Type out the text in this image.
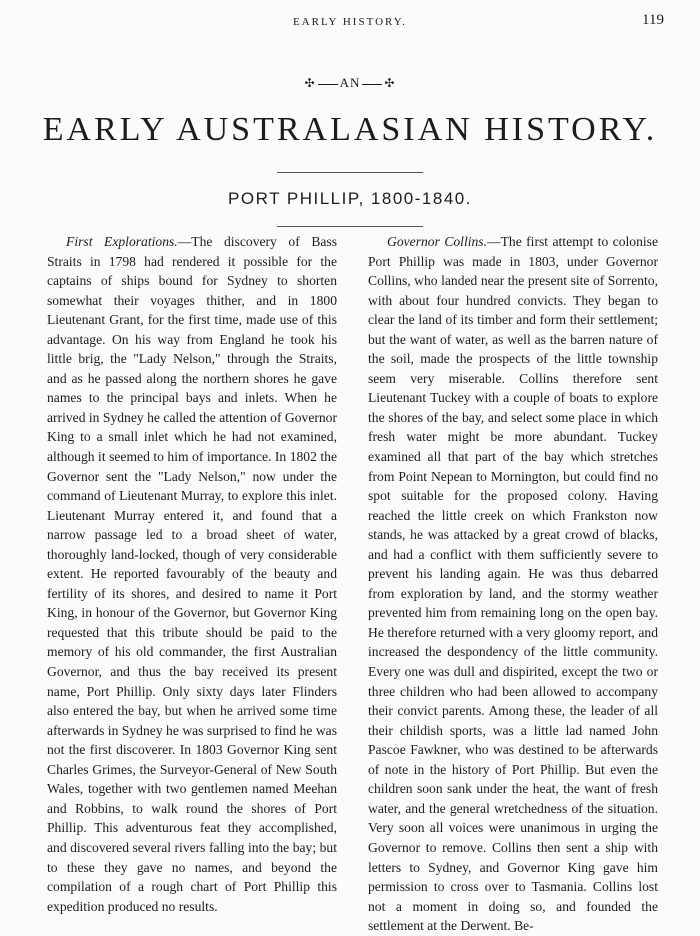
EARLY HISTORY.	119
✣ AN ✣
EARLY AUSTRALASIAN HISTORY.
PORT PHILLIP, 1800-1840.

First Explorations.—The discovery of Bass Straits in 1798 had rendered it possible for the captains of ships bound for Sydney to shorten somewhat their voyages thither, and in 1800 Lieutenant Grant, for the first time, made use of this advantage. On his way from England he took his little brig, the "Lady Nelson," through the Straits, and as he passed along the northern shores he gave names to the principal bays and inlets. When he arrived in Sydney he called the attention of Governor King to a small inlet which he had not examined, although it seemed to him of importance. In 1802 the Governor sent the "Lady Nelson," now under the command of Lieutenant Murray, to explore this inlet. Lieutenant Murray entered it, and found that a narrow passage led to a broad sheet of water, thoroughly land-locked, though of very considerable extent. He reported favourably of the beauty and fertility of its shores, and desired to name it Port King, in honour of the Governor, but Governor King requested that this tribute should be paid to the memory of his old commander, the first Australian Governor, and thus the bay received its present name, Port Phillip. Only sixty days later Flinders also entered the bay, but when he arrived some time afterwards in Sydney he was surprised to find he was not the first discoverer. In 1803 Governor King sent Charles Grimes, the Surveyor-General of New South Wales, together with two gentlemen named Meehan and Robbins, to walk round the shores of Port Phillip. This adventurous feat they accomplished, and discovered several rivers falling into the bay; but to these they gave no names, and beyond the compilation of a rough chart of Port Phillip this expedition produced no results.

Governor Collins.—The first attempt to colonise Port Phillip was made in 1803, under Governor Collins, who landed near the present site of Sorrento, with about four hundred convicts. They began to clear the land of its timber and form their settlement; but the want of water, as well as the barren nature of the soil, made the prospects of the little township seem very miserable. Collins therefore sent Lieutenant Tuckey with a couple of boats to explore the shores of the bay, and select some place in which fresh water might be more abundant. Tuckey examined all that part of the bay which stretches from Point Nepean to Mornington, but could find no spot suitable for the proposed colony. Having reached the little creek on which Frankston now stands, he was attacked by a great crowd of blacks, and had a conflict with them sufficiently severe to prevent his landing again. He was thus debarred from exploration by land, and the stormy weather prevented him from remaining long on the open bay. He therefore returned with a very gloomy report, and increased the despondency of the little community. Every one was dull and dispirited, except the two or three children who had been allowed to accompany their convict parents. Among these, the leader of all their childish sports, was a little lad named John Pascoe Fawkner, who was destined to be afterwards of note in the history of Port Phillip. But even the children soon sank under the heat, the want of fresh water, and the general wretchedness of the situation. Very soon all voices were unanimous in urging the Governor to remove. Collins then sent a ship with letters to Sydney, and Governor King gave him permission to cross over to Tasmania. Collins lost not a moment in doing so, and founded the settlement at the Derwent. Be-
